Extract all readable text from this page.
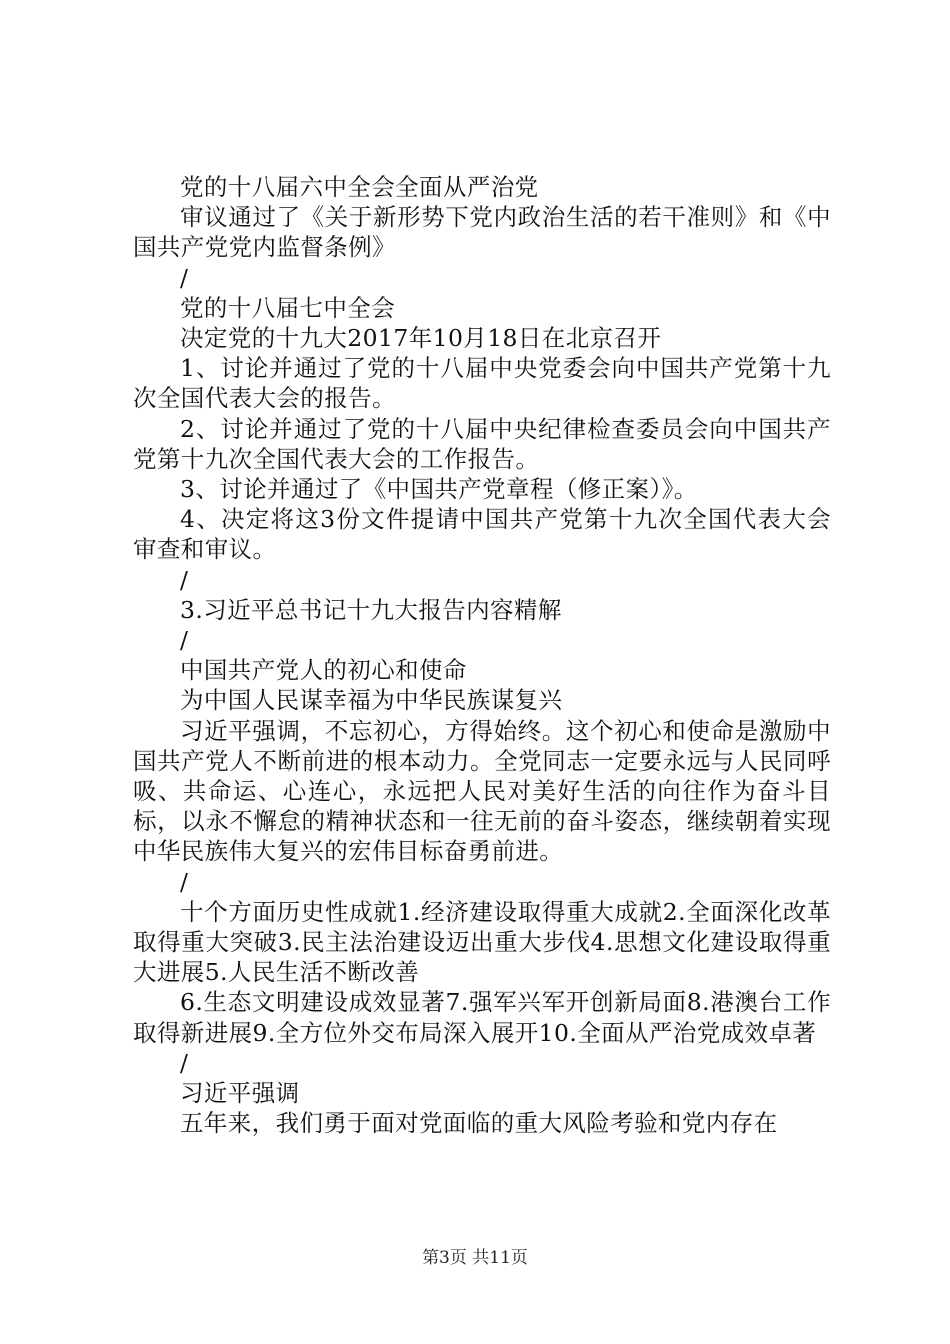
党的十八届六中全会全面从严治党

审议通过了《关于新形势下党内政治生活的若干准则》和《中国共产党党内监督条例》

/

党的十八届七中全会

决定党的十九大2017年10月18日在北京召开

1、讨论并通过了党的十八届中央党委会向中国共产党第十九次全国代表大会的报告。

2、讨论并通过了党的十八届中央纪律检查委员会向中国共产党第十九次全国代表大会的工作报告。

3、讨论并通过了《中国共产党章程（修正案）》。

4、决定将这3份文件提请中国共产党第十九次全国代表大会审查和审议。

/

3.习近平总书记十九大报告内容精解

/

中国共产党人的初心和使命

为中国人民谋幸福为中华民族谋复兴

习近平强调，不忘初心，方得始终。这个初心和使命是激励中国共产党人不断前进的根本动力。全党同志一定要永远与人民同呼吸、共命运、心连心，永远把人民对美好生活的向往作为奋斗目标，以永不懈怠的精神状态和一往无前的奋斗姿态，继续朝着实现中华民族伟大复兴的宏伟目标奋勇前进。

/

十个方面历史性成就1.经济建设取得重大成就2.全面深化改革取得重大突破3.民主法治建设迈出重大步伐4.思想文化建设取得重大进展5.人民生活不断改善

6.生态文明建设成效显著7.强军兴军开创新局面8.港澳台工作取得新进展9.全方位外交布局深入展开10.全面从严治党成效卓著

/

习近平强调

五年来，我们勇于面对党面临的重大风险考验和党内存在

第3页 共11页
